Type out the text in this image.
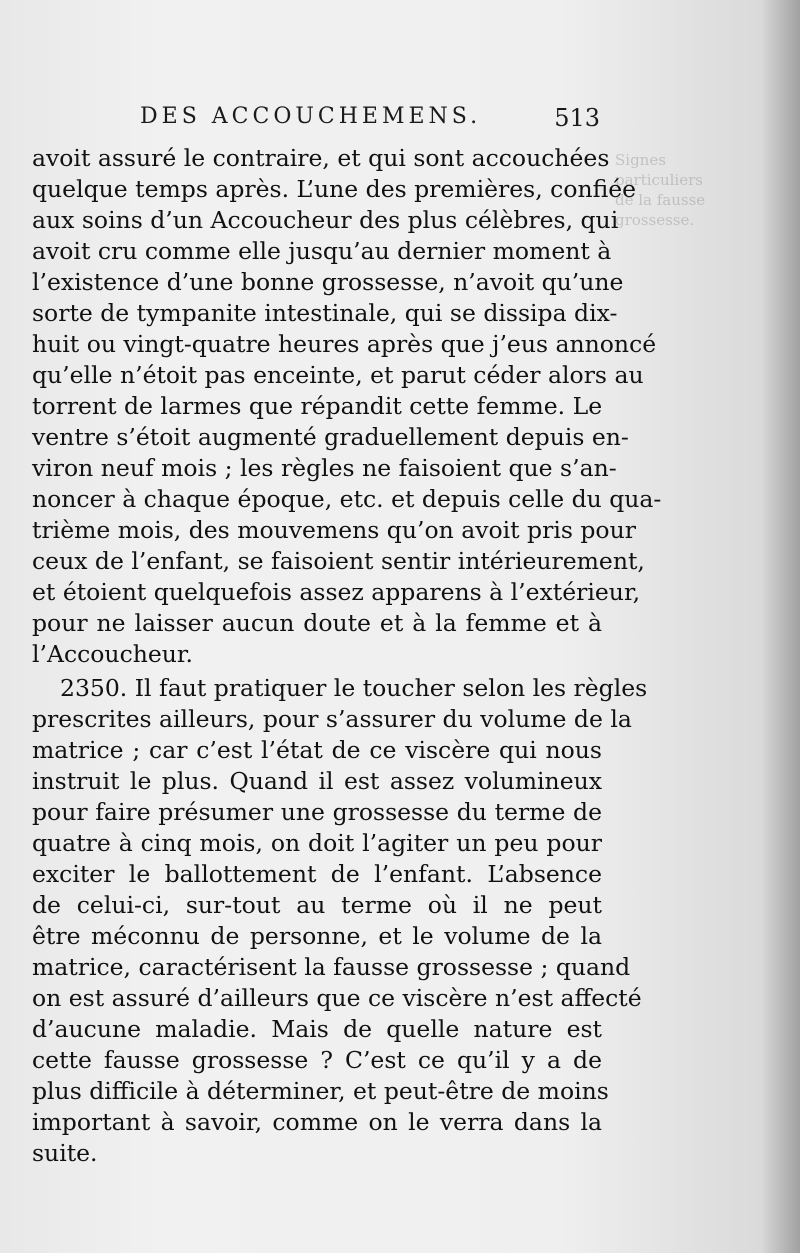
Signes
particuliers
de la fausse
grossesse.
DES ACCOUCHEMENS.	513
avoit assuré le contraire, et qui sont accouchées
quelque temps après. L’une des premières, confiée
aux soins d’un Accoucheur des plus célèbres, qui
avoit cru comme elle jusqu’au dernier moment à
l’existence d’une bonne grossesse, n’avoit qu’une
sorte de tympanite intestinale, qui se dissipa dix-
huit ou vingt-quatre heures après que j’eus annoncé
qu’elle n’étoit pas enceinte, et parut céder alors au
torrent de larmes que répandit cette femme. Le
ventre s’étoit augmenté graduellement depuis en-
viron neuf mois ; les règles ne faisoient que s’an-
noncer à chaque époque, etc. et depuis celle du qua-
trième mois, des mouvemens qu’on avoit pris pour
ceux de l’enfant, se faisoient sentir intérieurement,
et étoient quelquefois assez apparens à l’extérieur,
pour ne laisser aucun doute et à la femme et à
l’Accoucheur.
2350. Il faut pratiquer le toucher selon les règles
prescrites ailleurs, pour s’assurer du volume de la
matrice ; car c’est l’état de ce viscère qui nous
instruit le plus. Quand il est assez volumineux
pour faire présumer une grossesse du terme de
quatre à cinq mois, on doit l’agiter un peu pour
exciter le ballottement de l’enfant. L’absence
de celui-ci, sur-tout au terme où il ne peut
être méconnu de personne, et le volume de la
matrice, caractérisent la fausse grossesse ; quand
on est assuré d’ailleurs que ce viscère n’est affecté
d’aucune maladie. Mais de quelle nature est
cette fausse grossesse ? C’est ce qu’il y a de
plus difficile à déterminer, et peut-être de moins
important à savoir, comme on le verra dans la
suite.
